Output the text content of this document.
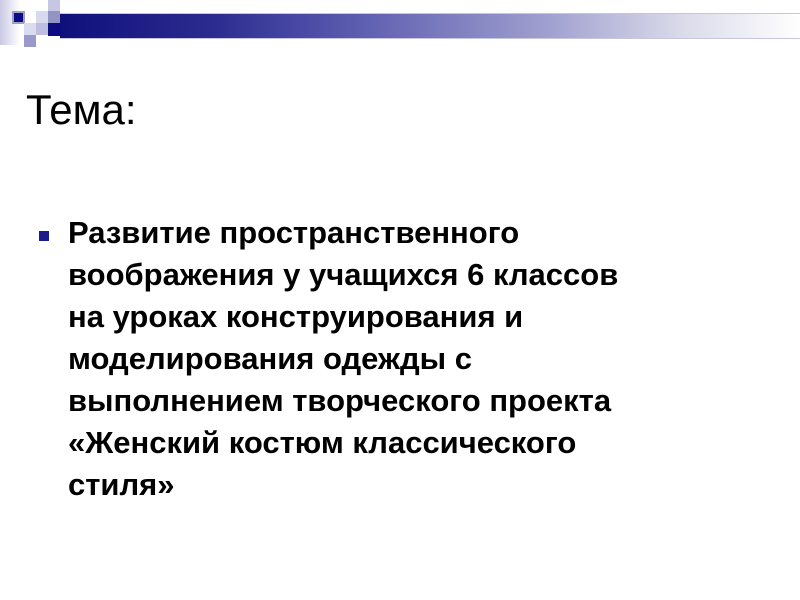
Тема:
Развитие пространственного
воображения у учащихся 6 классов
на уроках конструирования и
моделирования одежды с
выполнением творческого проекта
«Женский костюм классического
стиля»
